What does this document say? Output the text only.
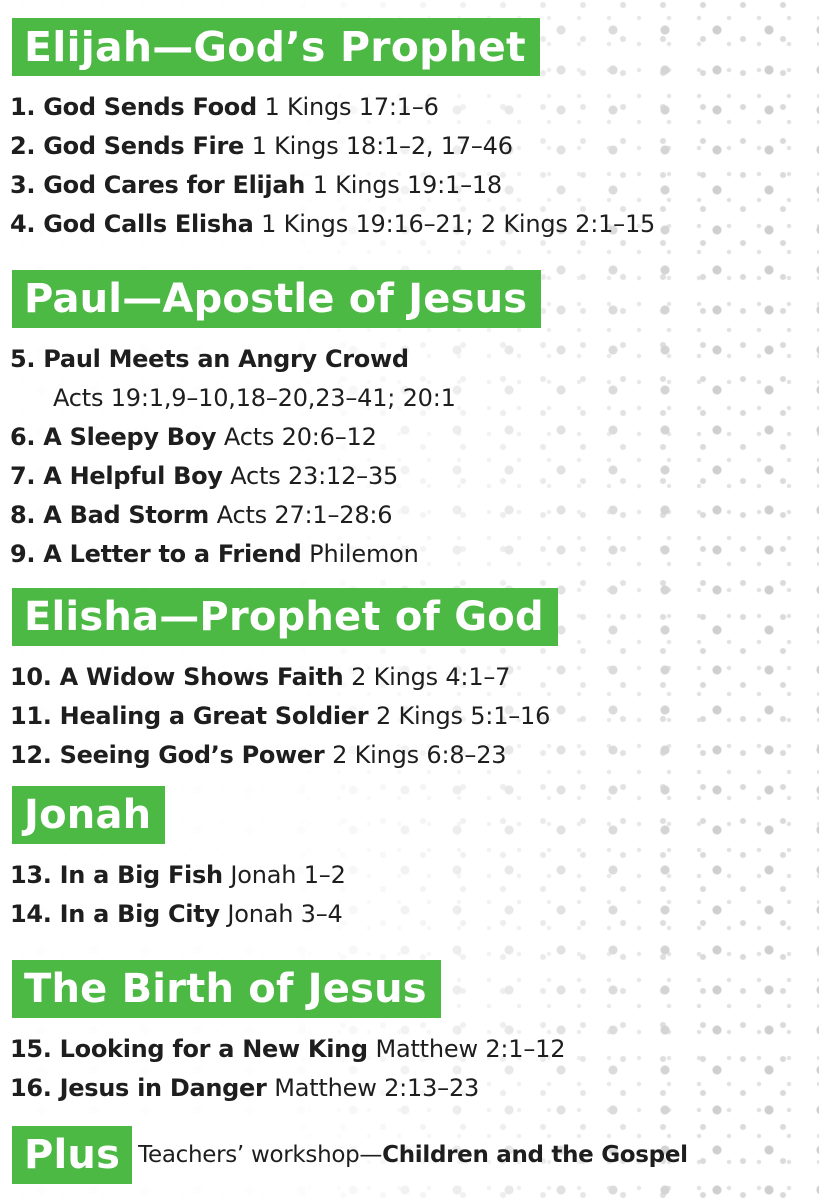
Elijah—God’s Prophet
1. God Sends Food 1 Kings 17:1–6
2. God Sends Fire 1 Kings 18:1–2, 17–46
3. God Cares for Elijah 1 Kings 19:1–18
4. God Calls Elisha 1 Kings 19:16–21; 2 Kings 2:1–15
Paul—Apostle of Jesus
5. Paul Meets an Angry Crowd
Acts 19:1,9–10,18–20,23–41; 20:1
6. A Sleepy Boy Acts 20:6–12
7. A Helpful Boy Acts 23:12–35
8. A Bad Storm Acts 27:1–28:6
9. A Letter to a Friend Philemon
Elisha—Prophet of God
10. A Widow Shows Faith 2 Kings 4:1–7
11. Healing a Great Soldier 2 Kings 5:1–16
12. Seeing God’s Power 2 Kings 6:8–23
Jonah
13. In a Big Fish Jonah 1–2
14. In a Big City Jonah 3–4
The Birth of Jesus
15. Looking for a New King Matthew 2:1–12
16. Jesus in Danger Matthew 2:13–23
Plus Teachers’ workshop—Children and the Gospel
